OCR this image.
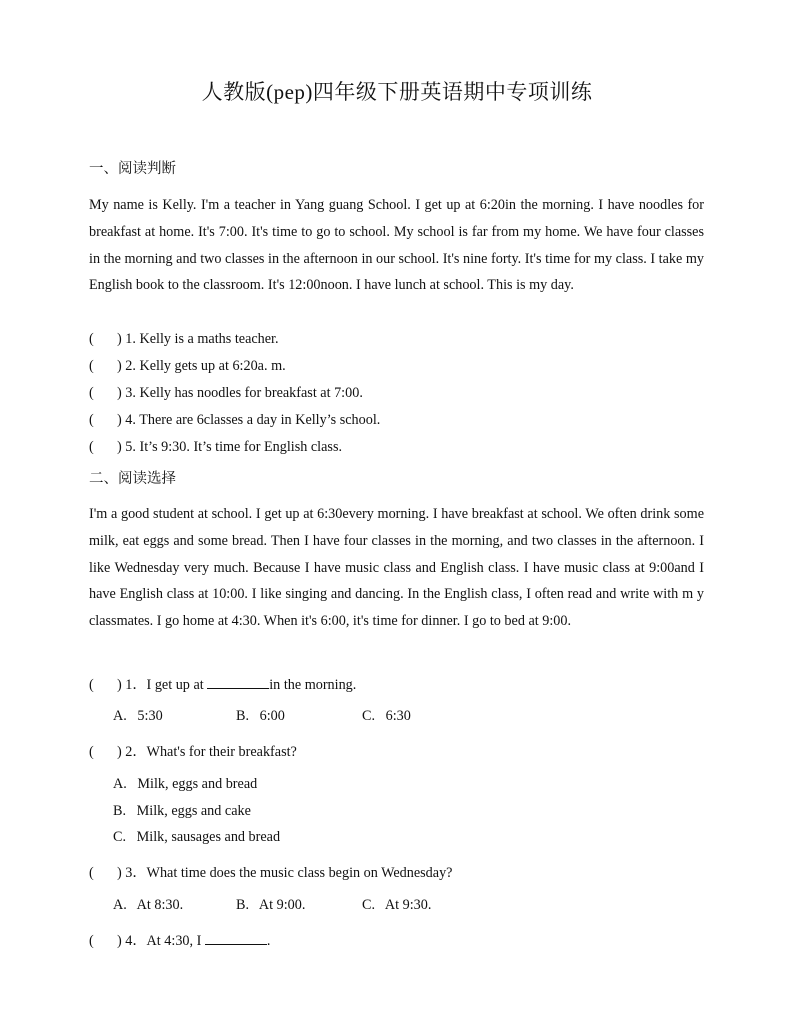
人教版(pep)四年级下册英语期中专项训练
一、阅读判断
My name is Kelly. I'm a teacher in Yang guang School. I get up at 6:20in the morning. I have noodles for breakfast at home. It's 7:00. It's time to go to school. My school is far from my home. We have four classes in the morning and two classes in the afternoon in our school. It's nine forty. It's time for my class. I take my English book to the classroom. It's 12:00noon. I have lunch at school. This is my day.
( ) 1. Kelly is a maths teacher.
( ) 2. Kelly gets up at 6:20a. m.
( ) 3. Kelly has noodles for breakfast at 7:00.
( ) 4. There are 6classes a day in Kelly’s school.
( ) 5. It’s 9:30. It’s time for English class.
二、阅读选择
I'm a good student at school. I get up at 6:30every morning. I have breakfast at school. We often drink some milk, eat eggs and some bread. Then I have four classes in the morning, and two classes in the afternoon. I like Wednesday very much. Because I have music class and English class. I have music class at 9:00and I have English class at 10:00. I like singing and dancing. In the English class, I often read and write with m y classmates. I go home at 4:30. When it's 6:00, it's time for dinner. I go to bed at 9:00.
( ) 1．I get up at	in the morning.
A.   5:30	B.   6:00	C.   6:30
( ) 2．What's for their breakfast?
A.   Milk, eggs and bread
B.   Milk, eggs and cake
C.   Milk, sausages and bread
( ) 3．What time does the music class begin on Wednesday?
A.   At 8:30.	B.   At 9:00.	C.   At 9:30.
( ) 4．At 4:30, I	.
